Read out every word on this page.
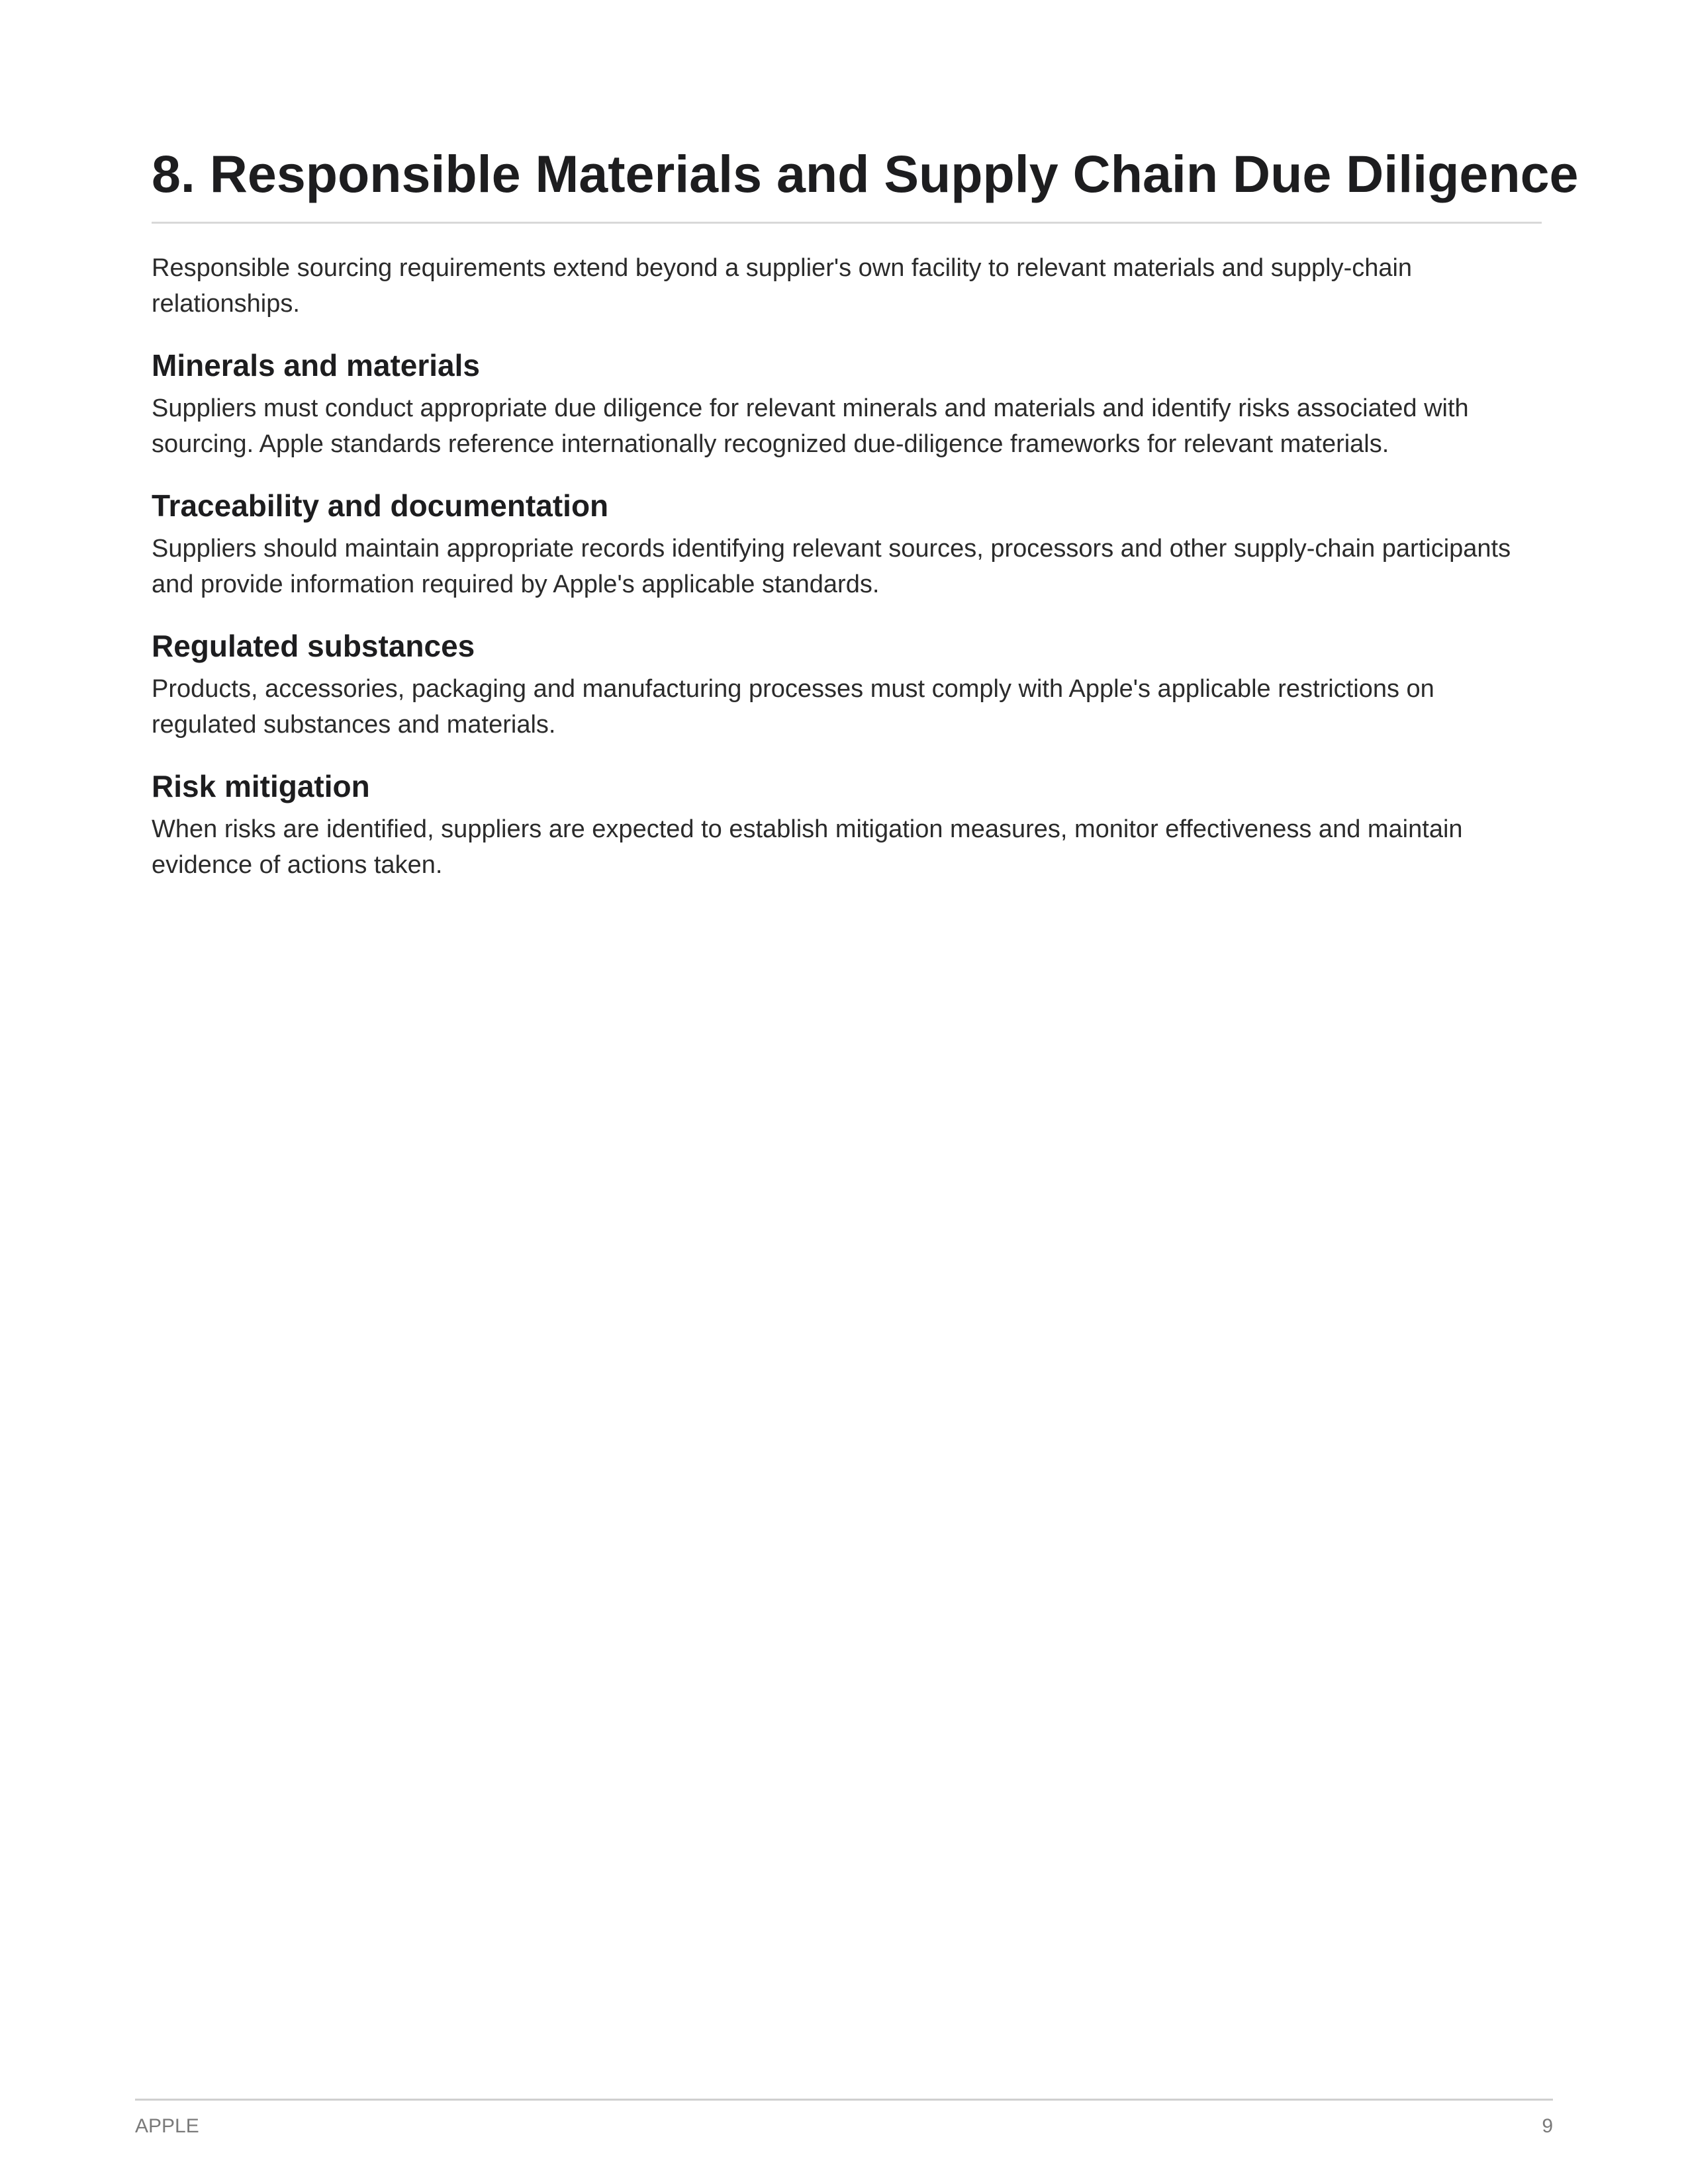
8. Responsible Materials and Supply Chain Due Diligence

Responsible sourcing requirements extend beyond a supplier's own facility to relevant materials and supply-chain relationships.

Minerals and materials

Suppliers must conduct appropriate due diligence for relevant minerals and materials and identify risks associated with sourcing. Apple standards reference internationally recognized due-diligence frameworks for relevant materials.

Traceability and documentation

Suppliers should maintain appropriate records identifying relevant sources, processors and other supply-chain participants and provide information required by Apple's applicable standards.

Regulated substances

Products, accessories, packaging and manufacturing processes must comply with Apple's applicable restrictions on regulated substances and materials.

Risk mitigation

When risks are identified, suppliers are expected to establish mitigation measures, monitor effectiveness and maintain evidence of actions taken.

APPLE	9
